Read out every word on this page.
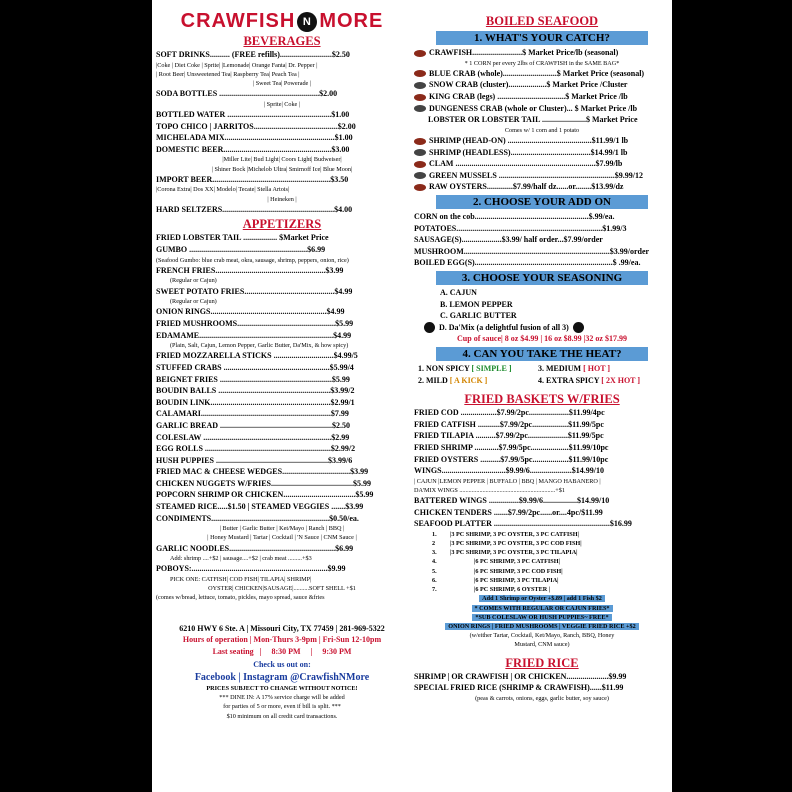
CRAWFISH N MORE
BEVERAGES
SOFT DRINKS.......... (FREE refills)..........................$2.50
|Coke | Diet Coke | Sprite| |Lemonade| Orange Fanta| Dr. Pepper |
| Root Beer| Unsweetened Tea| Raspberry Tea| Peach Tea |
| Sweet Tea| Powerade |
SODA BOTTLES ..................................................$2.00
| Sprite| Coke |
BOTTLED WATER ....................................................$1.00
TOPO CHICO | JARRITOS..........................................$2.00
MICHELADA MIX.......................................................$1.00
DOMESTIC BEER......................................................$3.00
|Miller Lite| Bud Light| Coors Light| Budweiser|
| Shiner Bock |Michelob Ultra| Smirnoff Ice| Blue Moon|
IMPORT BEER...........................................................$3.50
|Corona Extra| Dos XX| Modelo| Tecate| Stella Artois|
| Heineken |
HARD SELTZERS........................................................$4.00
APPETIZERS
FRIED LOBSTER TAIL ................. $Market Price
GUMBO ...........................................................$6.99
(Seafood Gumbo: blue crab meat, okra, sausage, shrimp, peppers, onion, rice)
FRENCH FRIES.......................................................$3.99
(Regular or Cajun)
SWEET POTATO FRIES.............................................$4.99
(Regular or Cajun)
ONION RINGS..........................................................$4.99
FRIED MUSHROOMS.................................................$5.99
EDAMAME...................................................................$4.99
(Plain, Salt, Cajun, Lemon Pepper, Garlic Butter, Da'Mix, & how spicy)
FRIED MOZZARELLA STICKS ..............................$4.99/5
STUFFED CRABS .....................................................$5.99/4
BEIGNET FRIES ........................................................$5.99
BOUDIN BALLS ........................................................$3.99/2
BOUDIN LINK............................................................$2.99/1
CALAMARI.................................................................$7.99
GARLIC BREAD ........................................................$2.50
COLESLAW ................................................................$2.99
EGG ROLLS ...............................................................$2.99/2
HUSH PUPPIES ........................................................$3.99/6
FRIED MAC & CHEESE WEDGES..................................$3.99
CHICKEN NUGGETS W/FRIES.........................................$5.99
POPCORN SHRIMP OR CHICKEN....................................$5.99
STEAMED RICE.....$1.50 | STEAMED VEGGIES .......$3.99
CONDIMENTS...........................................................$0.50/ea.
| Butter | Garlic Butter | Ket/Mayo | Ranch | BBQ |
| Honey Mustard | Tartar | Cocktail | 'N Sauce | CNM Sauce |
GARLIC NOODLES.....................................................$6.99
Add: shrimp ....+$2 | sausage....+$2 | crab meat .........+$3
POBOYS:....................................................................$9.99
PICK ONE: CATFISH| COD FISH| TILAPIA| SHRIMP|
OYSTER| CHICKEN|SAUSAGE|..........SOFT SHELL +$1
(comes w/bread, lettuce, tomato, pickles, mayo spread, sauce &fries
6210 HWY 6 Ste. A | Missouri City, TX 77459 | 281-969-5322
Hours of operation | Mon-Thurs 3-9pm | Fri-Sun 12-10pm
Last seating   |     8:30 PM     |     9:30 PM
Check us out on:
Facebook | Instagram @CrawfishNMore
PRICES SUBJECT TO CHANGE WITHOUT NOTICE!
*** DINE IN: A 17% service charge will be added
for parties of 5 or more, even if bill is split. ***
$10 minimum on all credit card transactions.
BOILED SEAFOOD
1. WHAT'S YOUR CATCH?
CRAWFISH.........................$ Market Price/lb (seasonal)
* 1 CORN per every 2lbs of CRAWFISH in the SAME BAG*
BLUE CRAB (whole)...........................$ Market Price (seasonal)
SNOW CRAB (cluster)...................$ Market Price /Cluster
KING CRAB (legs) ..................................$ Market Price /lb
DUNGENESS CRAB (whole or Cluster)... $ Market Price /lb
LOBSTER OR LOBSTER TAIL ......................$ Market Price
Comes w/ 1 corn and 1 potato
SHRIMP (HEAD-ON) ..........................................$11.99/1 lb
SHRIMP (HEADLESS)........................................$14.99/1 lb
CLAM ......................................................................$7.99/lb
GREEN MUSSELS ..........................................................$9.99/12
RAW OYSTERS.............$7.99/half dz......or........$13.99/dz
2. CHOOSE YOUR ADD ON
CORN on the cob.........................................................$.99/ea.
POTATOES.........................................................................$1.99/3
SAUSAGE(S)....................$3.99/ half order...$7.99/order
MUSHROOM.........................................................................$3.99/order
BOILED EGG(S).....................................................................$ .99/ea.
3. CHOOSE YOUR SEASONING
A. CAJUN
B. LEMON PEPPER
C. GARLIC BUTTER
D. Da'Mix (a delightful fusion of all 3)
Cup of sauce| 8 oz $4.99 | 16 oz $8.99 |32 oz $17.99
4. CAN YOU TAKE THE HEAT?
1. NON SPICY [ SIMPLE ]	3. MEDIUM [ HOT ]
2. MILD [ A KICK ]	4. EXTRA SPICY [ 2X HOT ]
FRIED BASKETS W/FRIES
FRIED COD ..................$7.99/2pc....................$11.99/4pc
FRIED CATFISH ...........$7.99/2pc..................$11.99/5pc
FRIED TILAPIA ..........$7.99/2pc....................$11.99/5pc
FRIED SHRIMP ............$7.99/5pc...................$11.99/10pc
FRIED OYSTERS ..........$7.99/5pc..................$11.99/10pc
WINGS................................$9.99/6.....................$14.99/10
| CAJUN |LEMON PEPPER | BUFFALO | BBQ | MANGO HABANERO |
DA'MIX WINGS ..............................................................+$1
BATTERED WINGS ...............$9.99/6.................$14.99/10
CHICKEN TENDERS .......$7.99/2pc......or....4pc/$11.99
SEAFOOD PLATTER ..........................................................$16.99
1. |3 PC SHRIMP, 3 PC OYSTER, 3 PC CATFISH|
2 |3 PC SHRIMP, 3 PC OYSTER, 3 PC COD FISH|
3. |3 PC SHRIMP, 3 PC OYSTER, 3 PC TILAPIA|
4.	|6 PC SHRIMP, 3 PC CATFISH|
5.	|6 PC SHRIMP, 3 PC COD FISH|
6.	|6 PC SHRIMP, 3 PC TILAPIA|
7.	|6 PC SHRIMP, 6 OYSTER |
Add 1 Shrimp or Oyster +$.89 | add 1 Fish $2
* COMES WITH REGULAR OR CAJUN FRIES*
*SUB COLESLAW OR HUSH PUPPIES~ FREE*
ONION RINGS | FRIED MUSHROOMS | VEGGIE FRIED RICE +$2
(w/either Tartar, Cocktail, Ket/Mayo, Ranch, BBQ, Honey
Mustard, CNM sauce)
FRIED RICE
SHRIMP | OR CRAWFISH | OR CHICKEN.....................$9.99
SPECIAL FRIED RICE (SHRIMP & CRAWFISH)......$11.99
(peas & carrots, onions, eggs, garlic butter, soy sauce)
